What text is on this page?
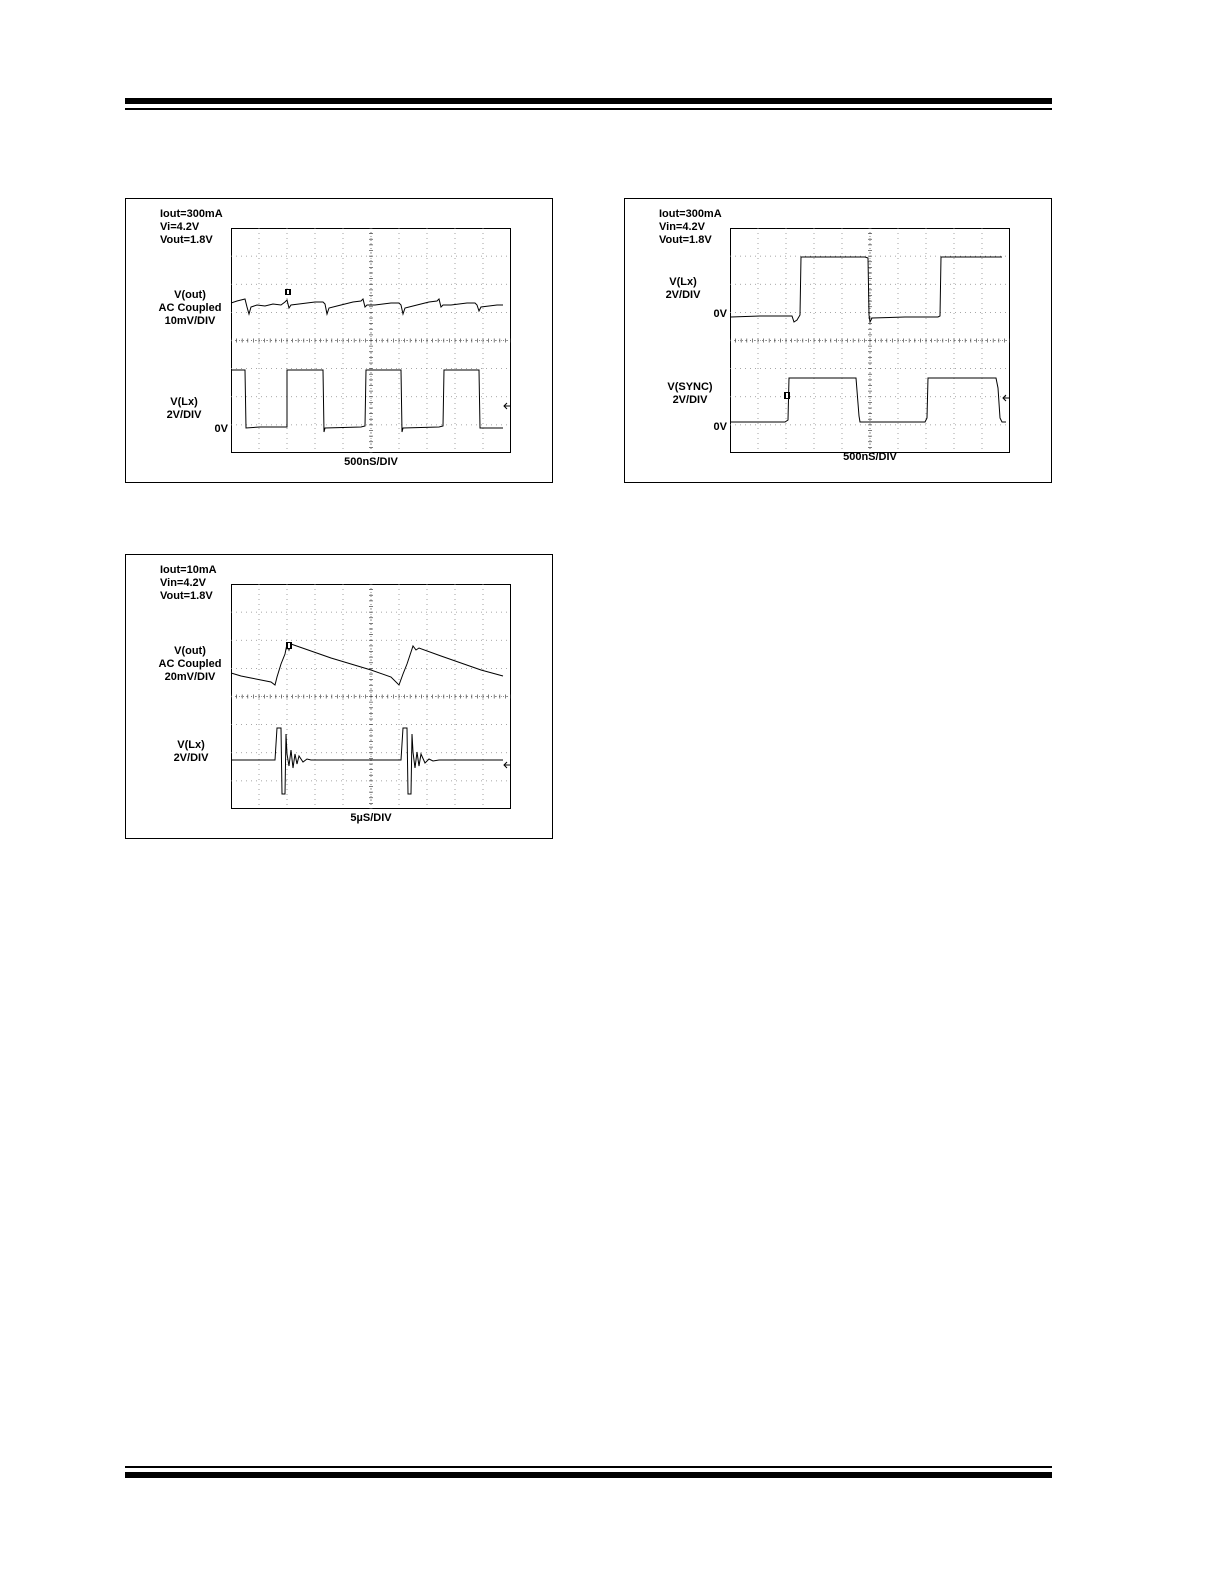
Iout=300mA
Vi=4.2V
Vout=1.8V
V(out)
AC Coupled
10mV/DIV
V(Lx)
2V/DIV
0V
500nS/DIV
Iout=300mA
Vin=4.2V
Vout=1.8V
V(Lx)
2V/DIV
0V
V(SYNC)
2V/DIV
0V
500nS/DIV
Iout=10mA
Vin=4.2V
Vout=1.8V
V(out)
AC Coupled
20mV/DIV
V(Lx)
2V/DIV
5µS/DIV
